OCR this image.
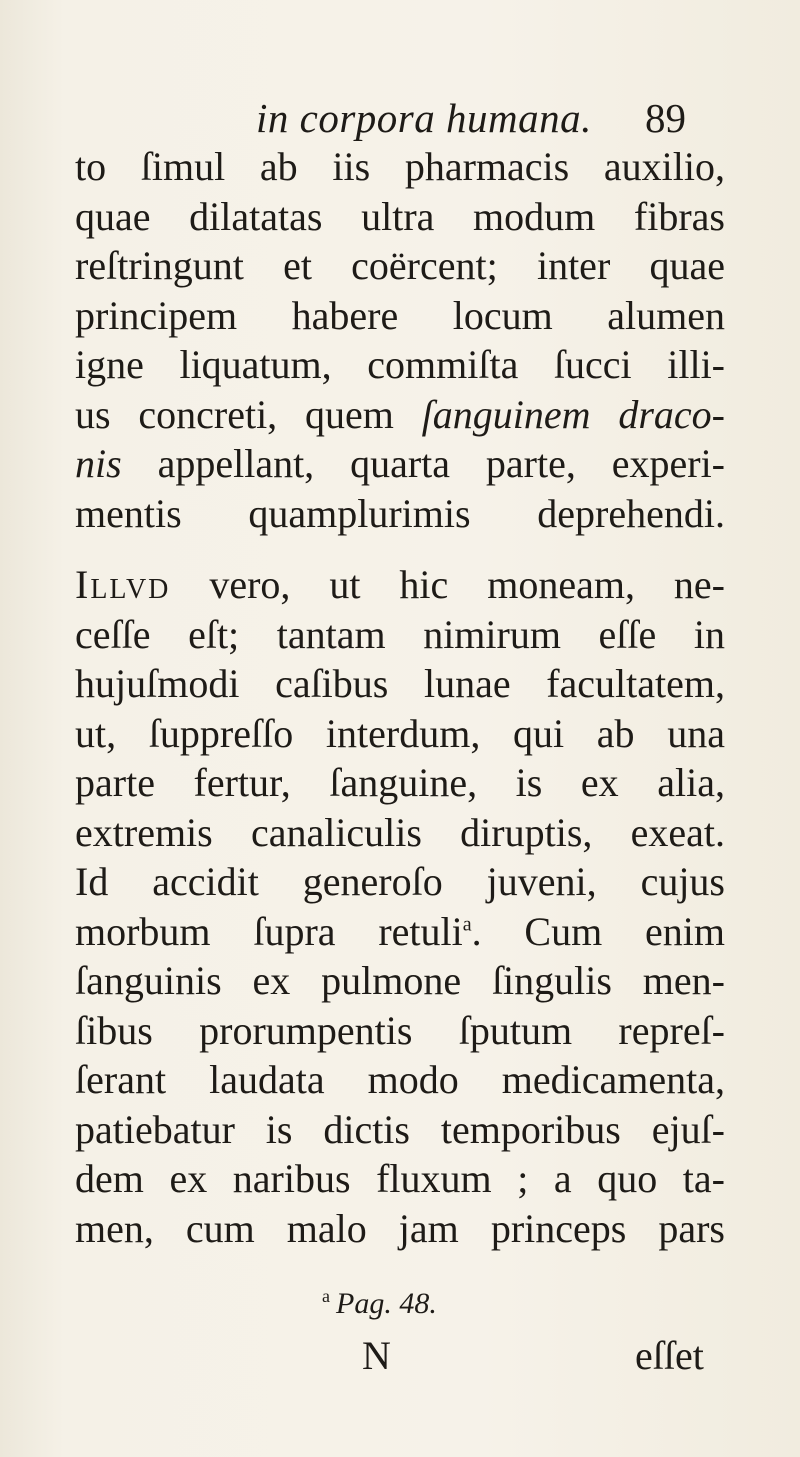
in corpora humana. 89
to ſimul ab iis pharmacis auxilio,
quae dilatatas ultra modum fibras
reſtringunt et coërcent; inter quae
principem habere locum alumen
igne liquatum, commiſta ſucci illi-
us concreti, quem ſanguinem draco-
nis appellant, quarta parte, experi-
mentis quamplurimis deprehendi.
Illvd vero, ut hic moneam, ne-
ceſſe eſt; tantam nimirum eſſe in
hujuſmodi caſibus lunae facultatem,
ut, ſuppreſſo interdum, qui ab una
parte fertur, ſanguine, is ex alia,
extremis canaliculis diruptis, exeat.
Id accidit generoſo juveni, cujus
morbum ſupra retuli$^a$. Cum enim
ſanguinis ex pulmone ſingulis men-
ſibus prorumpentis ſputum repreſ-
ſerant laudata modo medicamenta,
patiebatur is dictis temporibus ejuſ-
dem ex naribus fluxum ; a quo ta-
men, cum malo jam princeps pars
$^a$ Pag. 48.
N	eſſet
